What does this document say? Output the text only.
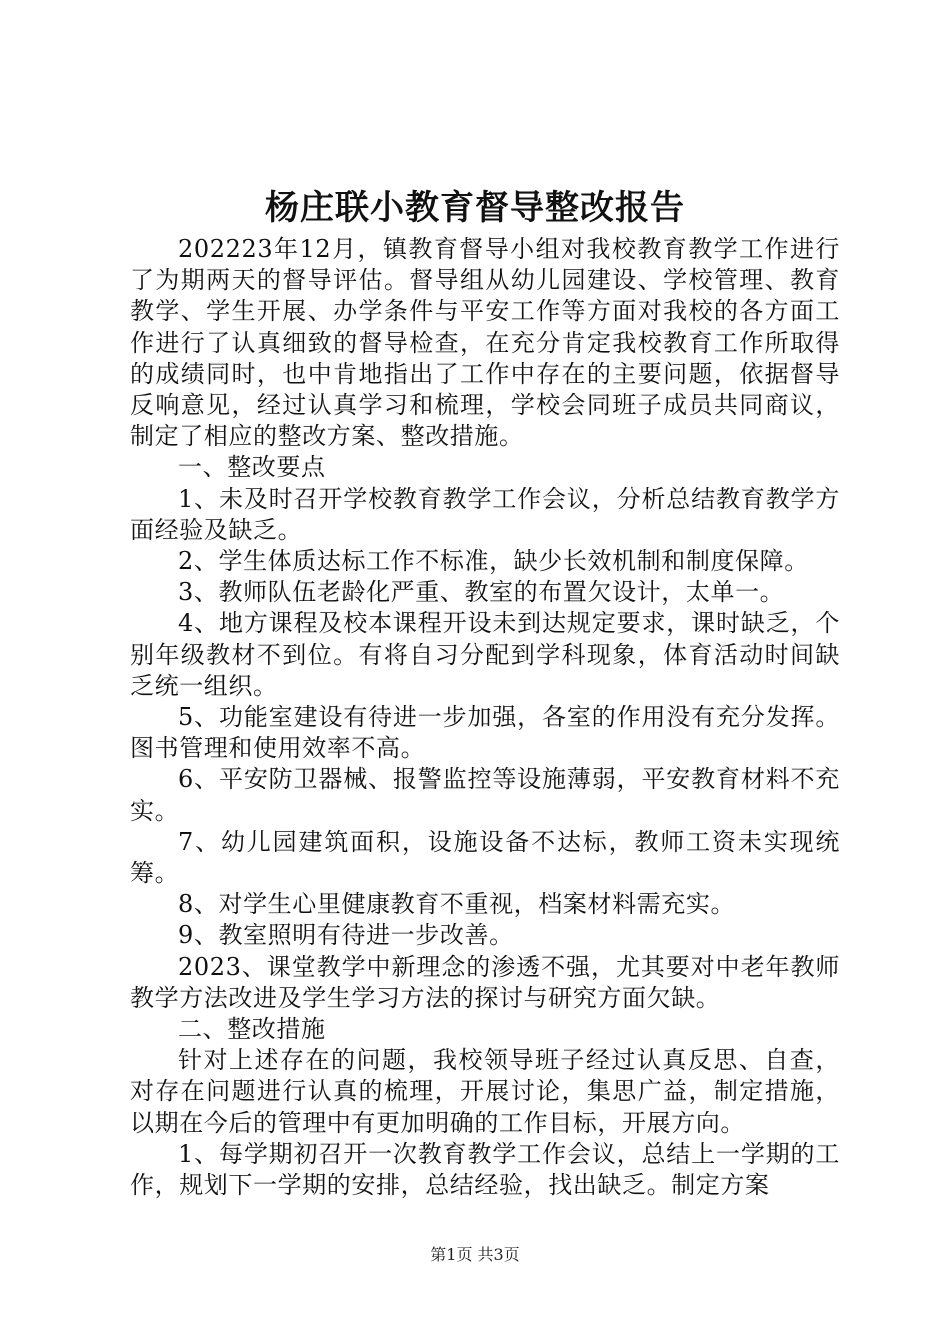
杨庄联小教育督导整改报告

202223年12月，镇教育督导小组对我校教育教学工作进行了为期两天的督导评估。督导组从幼儿园建设、学校管理、教育教学、学生开展、办学条件与平安工作等方面对我校的各方面工作进行了认真细致的督导检查，在充分肯定我校教育工作所取得的成绩同时，也中肯地指出了工作中存在的主要问题，依据督导反响意见，经过认真学习和梳理，学校会同班子成员共同商议，制定了相应的整改方案、整改措施。

一、整改要点

1、未及时召开学校教育教学工作会议，分析总结教育教学方面经验及缺乏。

2、学生体质达标工作不标准，缺少长效机制和制度保障。

3、教师队伍老龄化严重、教室的布置欠设计，太单一。

4、地方课程及校本课程开设未到达规定要求，课时缺乏，个别年级教材不到位。有将自习分配到学科现象，体育活动时间缺乏统一组织。

5、功能室建设有待进一步加强，各室的作用没有充分发挥。图书管理和使用效率不高。

6、平安防卫器械、报警监控等设施薄弱，平安教育材料不充实。

7、幼儿园建筑面积，设施设备不达标，教师工资未实现统筹。

8、对学生心里健康教育不重视，档案材料需充实。

9、教室照明有待进一步改善。

2023、课堂教学中新理念的渗透不强，尤其要对中老年教师教学方法改进及学生学习方法的探讨与研究方面欠缺。

二、整改措施

针对上述存在的问题，我校领导班子经过认真反思、自查，对存在问题进行认真的梳理，开展讨论，集思广益，制定措施，以期在今后的管理中有更加明确的工作目标，开展方向。

1、每学期初召开一次教育教学工作会议，总结上一学期的工作，规划下一学期的安排，总结经验，找出缺乏。制定方案

第1页 共3页
